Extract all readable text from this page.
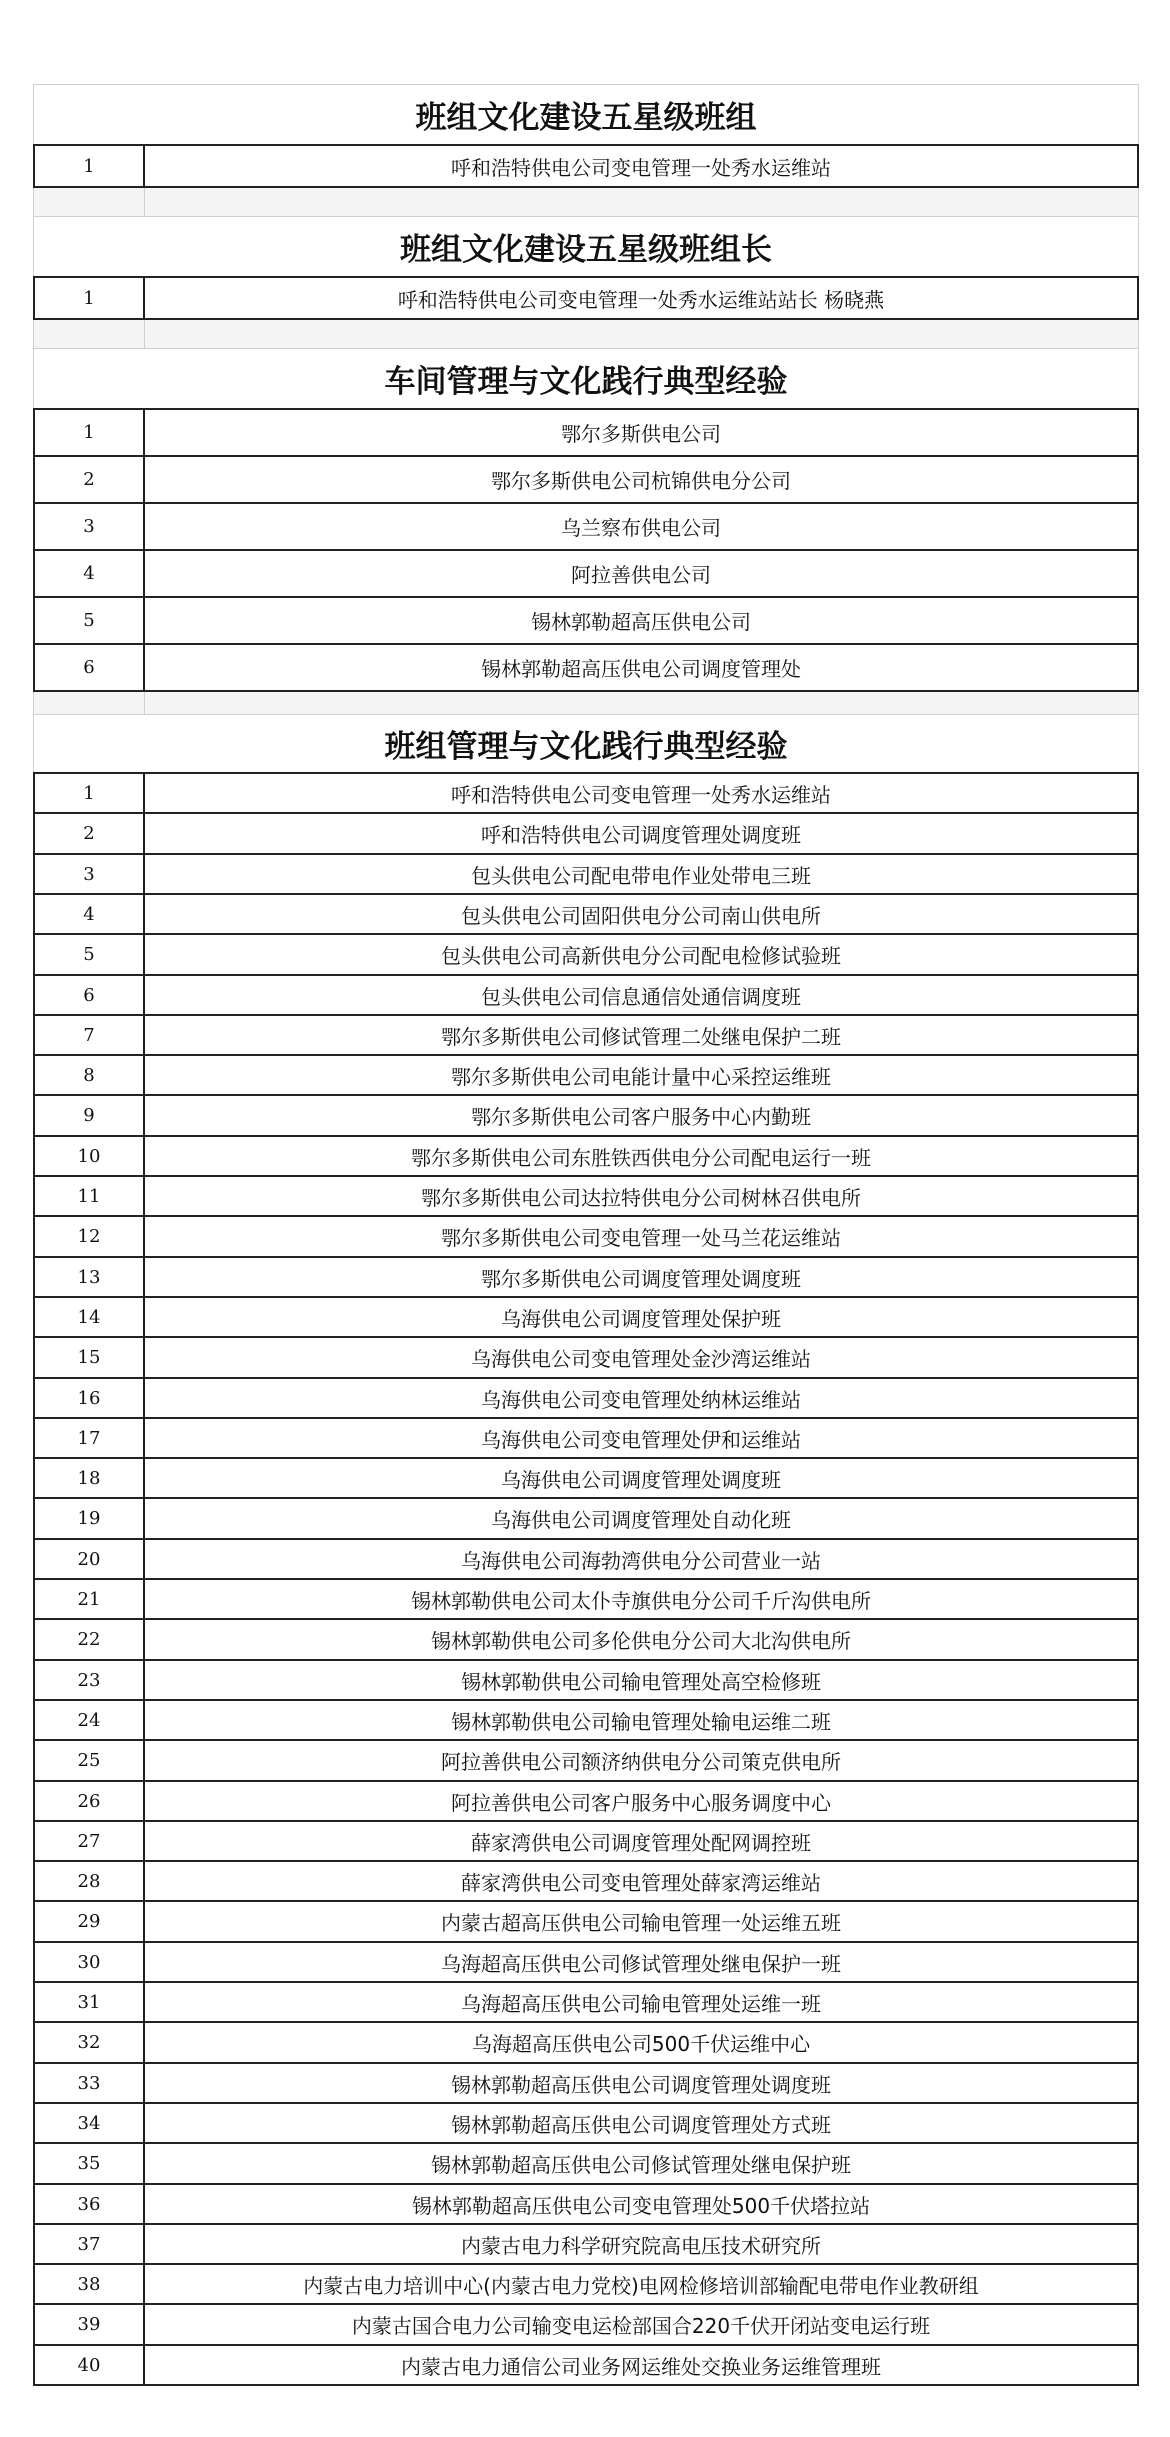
班组文化建设五星级班组
1	呼和浩特供电公司变电管理一处秀水运维站
班组文化建设五星级班组长
1	呼和浩特供电公司变电管理一处秀水运维站站长 杨晓燕
车间管理与文化践行典型经验
1	鄂尔多斯供电公司
2	鄂尔多斯供电公司杭锦供电分公司
3	乌兰察布供电公司
4	阿拉善供电公司
5	锡林郭勒超高压供电公司
6	锡林郭勒超高压供电公司调度管理处
班组管理与文化践行典型经验
1	呼和浩特供电公司变电管理一处秀水运维站
2	呼和浩特供电公司调度管理处调度班
3	包头供电公司配电带电作业处带电三班
4	包头供电公司固阳供电分公司南山供电所
5	包头供电公司高新供电分公司配电检修试验班
6	包头供电公司信息通信处通信调度班
7	鄂尔多斯供电公司修试管理二处继电保护二班
8	鄂尔多斯供电公司电能计量中心采控运维班
9	鄂尔多斯供电公司客户服务中心内勤班
10	鄂尔多斯供电公司东胜铁西供电分公司配电运行一班
11	鄂尔多斯供电公司达拉特供电分公司树林召供电所
12	鄂尔多斯供电公司变电管理一处马兰花运维站
13	鄂尔多斯供电公司调度管理处调度班
14	乌海供电公司调度管理处保护班
15	乌海供电公司变电管理处金沙湾运维站
16	乌海供电公司变电管理处纳林运维站
17	乌海供电公司变电管理处伊和运维站
18	乌海供电公司调度管理处调度班
19	乌海供电公司调度管理处自动化班
20	乌海供电公司海勃湾供电分公司营业一站
21	锡林郭勒供电公司太仆寺旗供电分公司千斤沟供电所
22	锡林郭勒供电公司多伦供电分公司大北沟供电所
23	锡林郭勒供电公司输电管理处高空检修班
24	锡林郭勒供电公司输电管理处输电运维二班
25	阿拉善供电公司额济纳供电分公司策克供电所
26	阿拉善供电公司客户服务中心服务调度中心
27	薛家湾供电公司调度管理处配网调控班
28	薛家湾供电公司变电管理处薛家湾运维站
29	内蒙古超高压供电公司输电管理一处运维五班
30	乌海超高压供电公司修试管理处继电保护一班
31	乌海超高压供电公司输电管理处运维一班
32	乌海超高压供电公司500千伏运维中心
33	锡林郭勒超高压供电公司调度管理处调度班
34	锡林郭勒超高压供电公司调度管理处方式班
35	锡林郭勒超高压供电公司修试管理处继电保护班
36	锡林郭勒超高压供电公司变电管理处500千伏塔拉站
37	内蒙古电力科学研究院高电压技术研究所
38	内蒙古电力培训中心(内蒙古电力党校)电网检修培训部输配电带电作业教研组
39	内蒙古国合电力公司输变电运检部国合220千伏开闭站变电运行班
40	内蒙古电力通信公司业务网运维处交换业务运维管理班
